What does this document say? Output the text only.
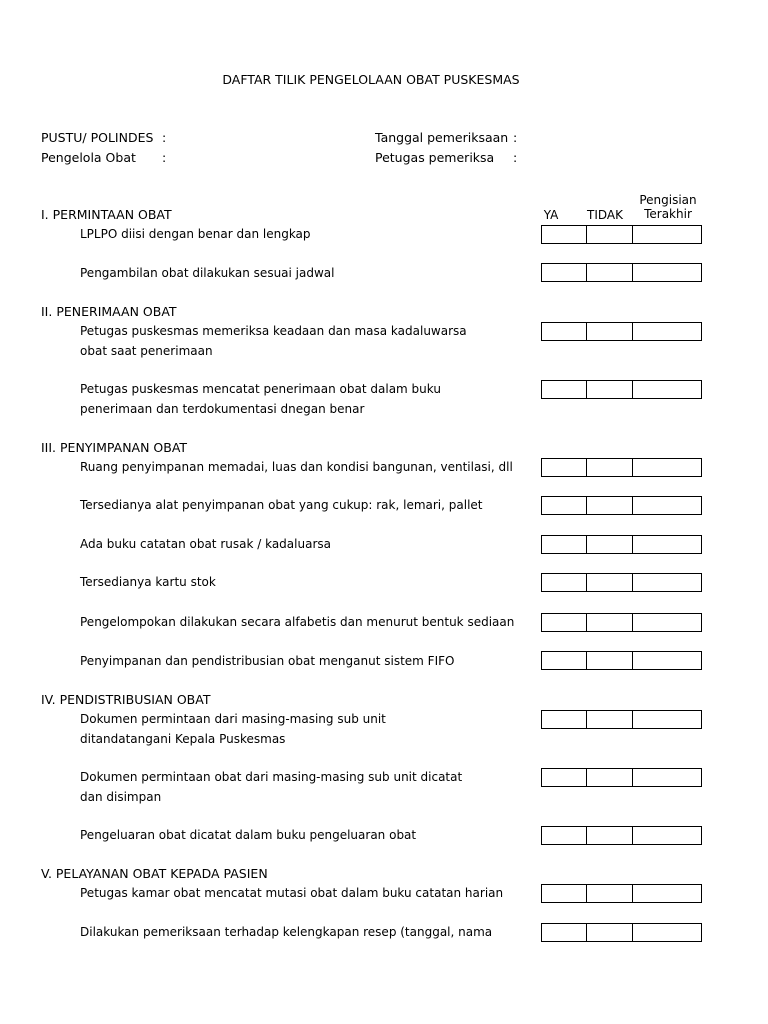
DAFTAR TILIK PENGELOLAAN OBAT PUSKESMAS
PUSTU/ POLINDES :
Pengelola Obat :
Tanggal pemeriksaan :
Petugas pemeriksa :
YA TIDAK
Pengisian
Terakhir
I. PERMINTAAN OBAT
LPLPO diisi dengan benar dan lengkap
Pengambilan obat dilakukan sesuai jadwal
II. PENERIMAAN OBAT
Petugas puskesmas memeriksa keadaan dan masa kadaluwarsa obat saat penerimaan
Petugas puskesmas mencatat penerimaan obat dalam buku penerimaan dan terdokumentasi dnegan benar
III. PENYIMPANAN OBAT
Ruang penyimpanan memadai, luas dan kondisi bangunan, ventilasi, dll
Tersedianya alat penyimpanan obat yang cukup: rak, lemari, pallet
Ada buku catatan obat rusak / kadaluarsa
Tersedianya kartu stok
Pengelompokan dilakukan secara alfabetis dan menurut bentuk sediaan
Penyimpanan dan pendistribusian obat menganut sistem FIFO
IV. PENDISTRIBUSIAN OBAT
Dokumen permintaan dari masing-masing sub unit ditandatangani Kepala Puskesmas
Dokumen permintaan obat dari masing-masing sub unit dicatat dan disimpan
Pengeluaran obat dicatat dalam buku pengeluaran obat
V. PELAYANAN OBAT KEPADA PASIEN
Petugas kamar obat mencatat mutasi obat dalam buku catatan harian
Dilakukan pemeriksaan terhadap kelengkapan resep (tanggal, nama
